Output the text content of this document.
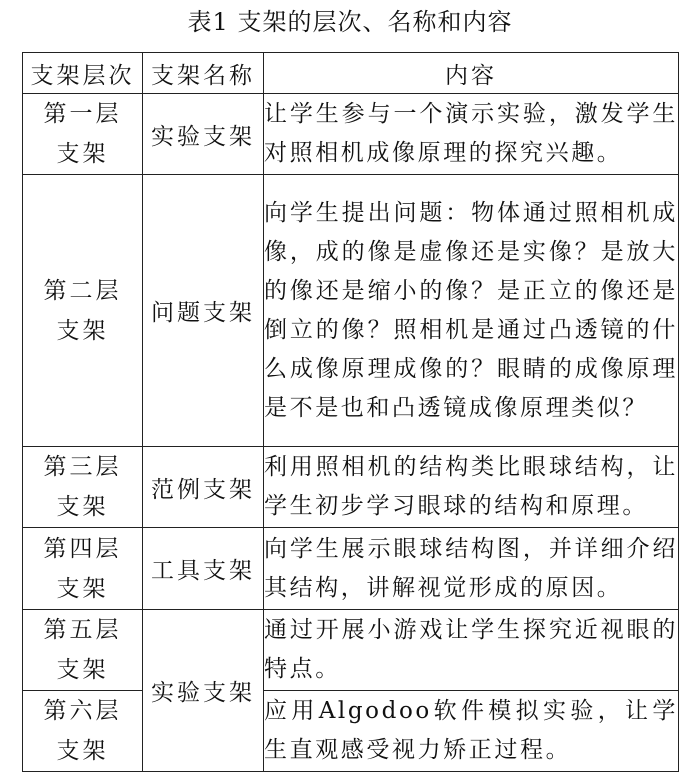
表1 支架的层次、名称和内容
支架层次	支架名称	内容

第一层
支架	实验支架	让学生参与一个演示实验，激发学生对照相机成像原理的探究兴趣。

第二层
支架	问题支架	向学生提出问题：物体通过照相机成像，成的像是虚像还是实像？是放大的像还是缩小的像？是正立的像还是倒立的像？照相机是通过凸透镜的什么成像原理成像的？眼睛的成像原理是不是也和凸透镜成像原理类似？

第三层
支架	范例支架	利用照相机的结构类比眼球结构，让学生初步学习眼球的结构和原理。

第四层
支架	工具支架	向学生展示眼球结构图，并详细介绍其结构，讲解视觉形成的原因。

第五层
支架	实验支架	通过开展小游戏让学生探究近视眼的特点。

第六层
支架		应用Algodoo软件模拟实验，让学生直观感受视力矫正过程。
